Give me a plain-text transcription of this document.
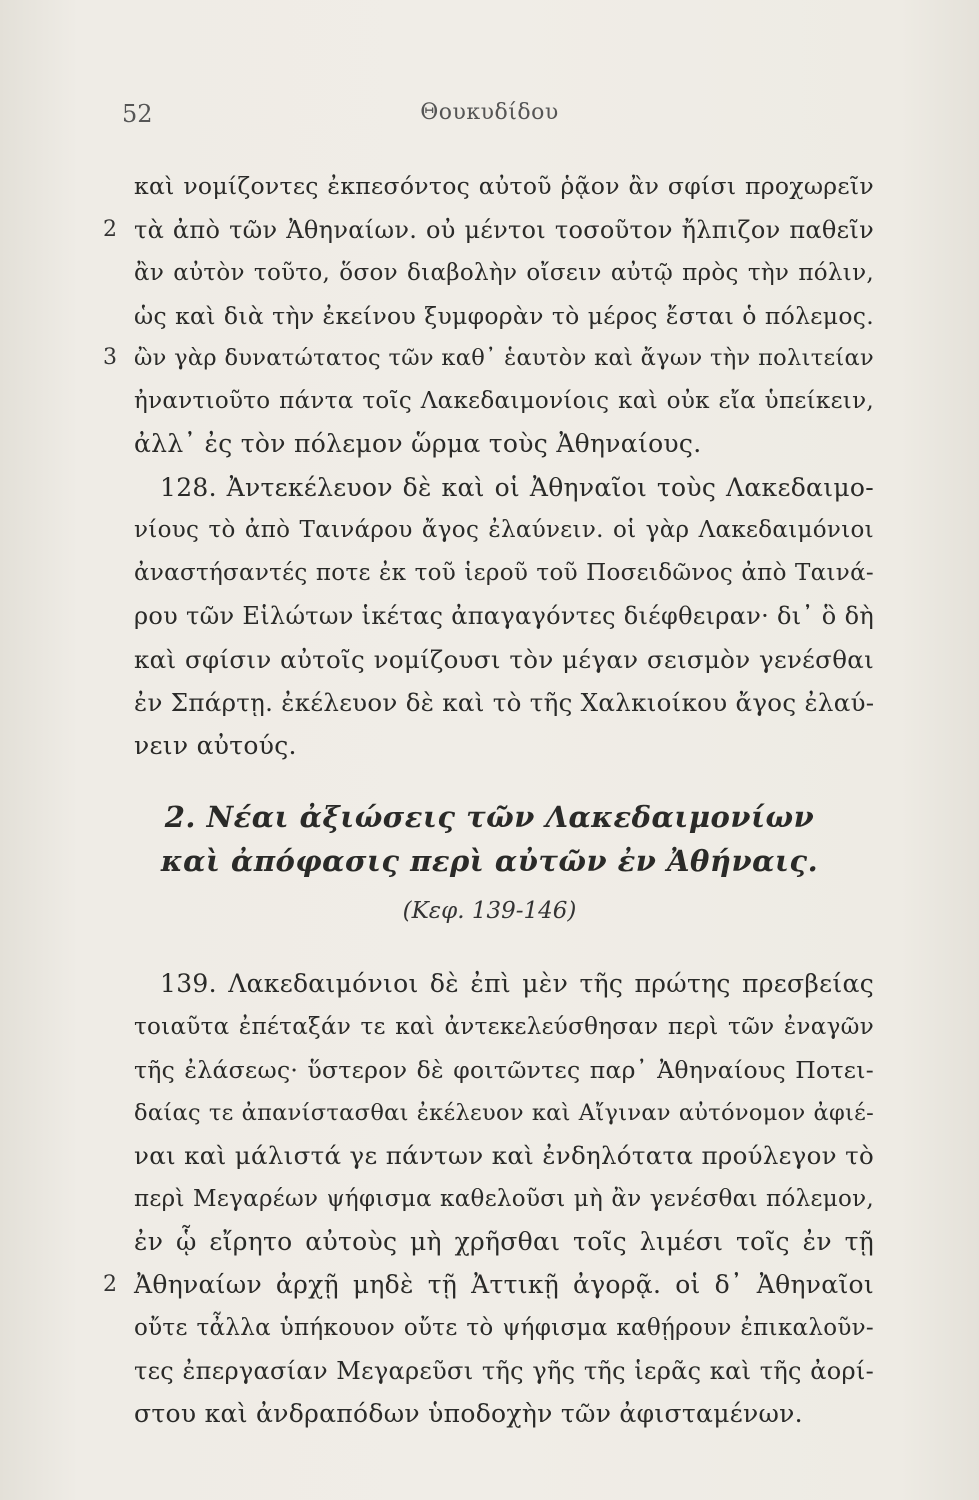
52	Θουκυδίδου
καὶ νομίζοντες ἐκπεσόντος αὐτοῦ ῥᾷον ἂν σφίσι προχωρεῖν
2 τὰ ἀπὸ τῶν Ἀθηναίων. οὐ μέντοι τοσοῦτον ἤλπιζον παθεῖν
ἂν αὐτὸν τοῦτο, ὅσον διαβολὴν οἴσειν αὐτῷ πρὸς τὴν πόλιν,
ὡς καὶ διὰ τὴν ἐκείνου ξυμφορὰν τὸ μέρος ἔσται ὁ πόλεμος.
3 ὢν γὰρ δυνατώτατος τῶν καθ᾽ ἑαυτὸν καὶ ἄγων τὴν πολιτείαν
ἠναντιοῦτο πάντα τοῖς Λακεδαιμονίοις καὶ οὐκ εἴα ὑπείκειν,
ἀλλ᾽ ἐς τὸν πόλεμον ὥρμα τοὺς Ἀθηναίους.
128. Ἀντεκέλευον δὲ καὶ οἱ Ἀθηναῖοι τοὺς Λακεδαιμο-
νίους τὸ ἀπὸ Ταινάρου ἄγος ἐλαύνειν. οἱ γὰρ Λακεδαιμόνιοι
ἀναστήσαντές ποτε ἐκ τοῦ ἱεροῦ τοῦ Ποσειδῶνος ἀπὸ Ταινά-
ρου τῶν Εἱλώτων ἱκέτας ἀπαγαγόντες διέφθειραν· δι᾽ ὃ δὴ
καὶ σφίσιν αὐτοῖς νομίζουσι τὸν μέγαν σεισμὸν γενέσθαι
ἐν Σπάρτῃ. ἐκέλευον δὲ καὶ τὸ τῆς Χαλκιοίκου ἄγος ἐλαύ-
νειν αὐτούς.
2. Νέαι ἀξιώσεις τῶν Λακεδαιμονίων
καὶ ἀπόφασις περὶ αὐτῶν ἐν Ἀθήναις.
(Κεφ. 139-146)
139. Λακεδαιμόνιοι δὲ ἐπὶ μὲν τῆς πρώτης πρεσβείας
τοιαῦτα ἐπέταξάν τε καὶ ἀντεκελεύσθησαν περὶ τῶν ἐναγῶν
τῆς ἐλάσεως· ὕστερον δὲ φοιτῶντες παρ᾽ Ἀθηναίους Ποτει-
δαίας τε ἀπανίστασθαι ἐκέλευον καὶ Αἴγιναν αὐτόνομον ἀφιέ-
ναι καὶ μάλιστά γε πάντων καὶ ἐνδηλότατα προύλεγον τὸ
περὶ Μεγαρέων ψήφισμα καθελοῦσι μὴ ἂν γενέσθαι πόλεμον,
ἐν ᾧ εἴρητο αὐτοὺς μὴ χρῆσθαι τοῖς λιμέσι τοῖς ἐν τῇ
2 Ἀθηναίων ἀρχῇ μηδὲ τῇ Ἀττικῇ ἀγορᾷ. οἱ δ᾽ Ἀθηναῖοι
οὔτε τἆλλα ὑπήκουον οὔτε τὸ ψήφισμα καθῄρουν ἐπικαλοῦν-
τες ἐπεργασίαν Μεγαρεῦσι τῆς γῆς τῆς ἱερᾶς καὶ τῆς ἀορί-
στου καὶ ἀνδραπόδων ὑποδοχὴν τῶν ἀφισταμένων.
